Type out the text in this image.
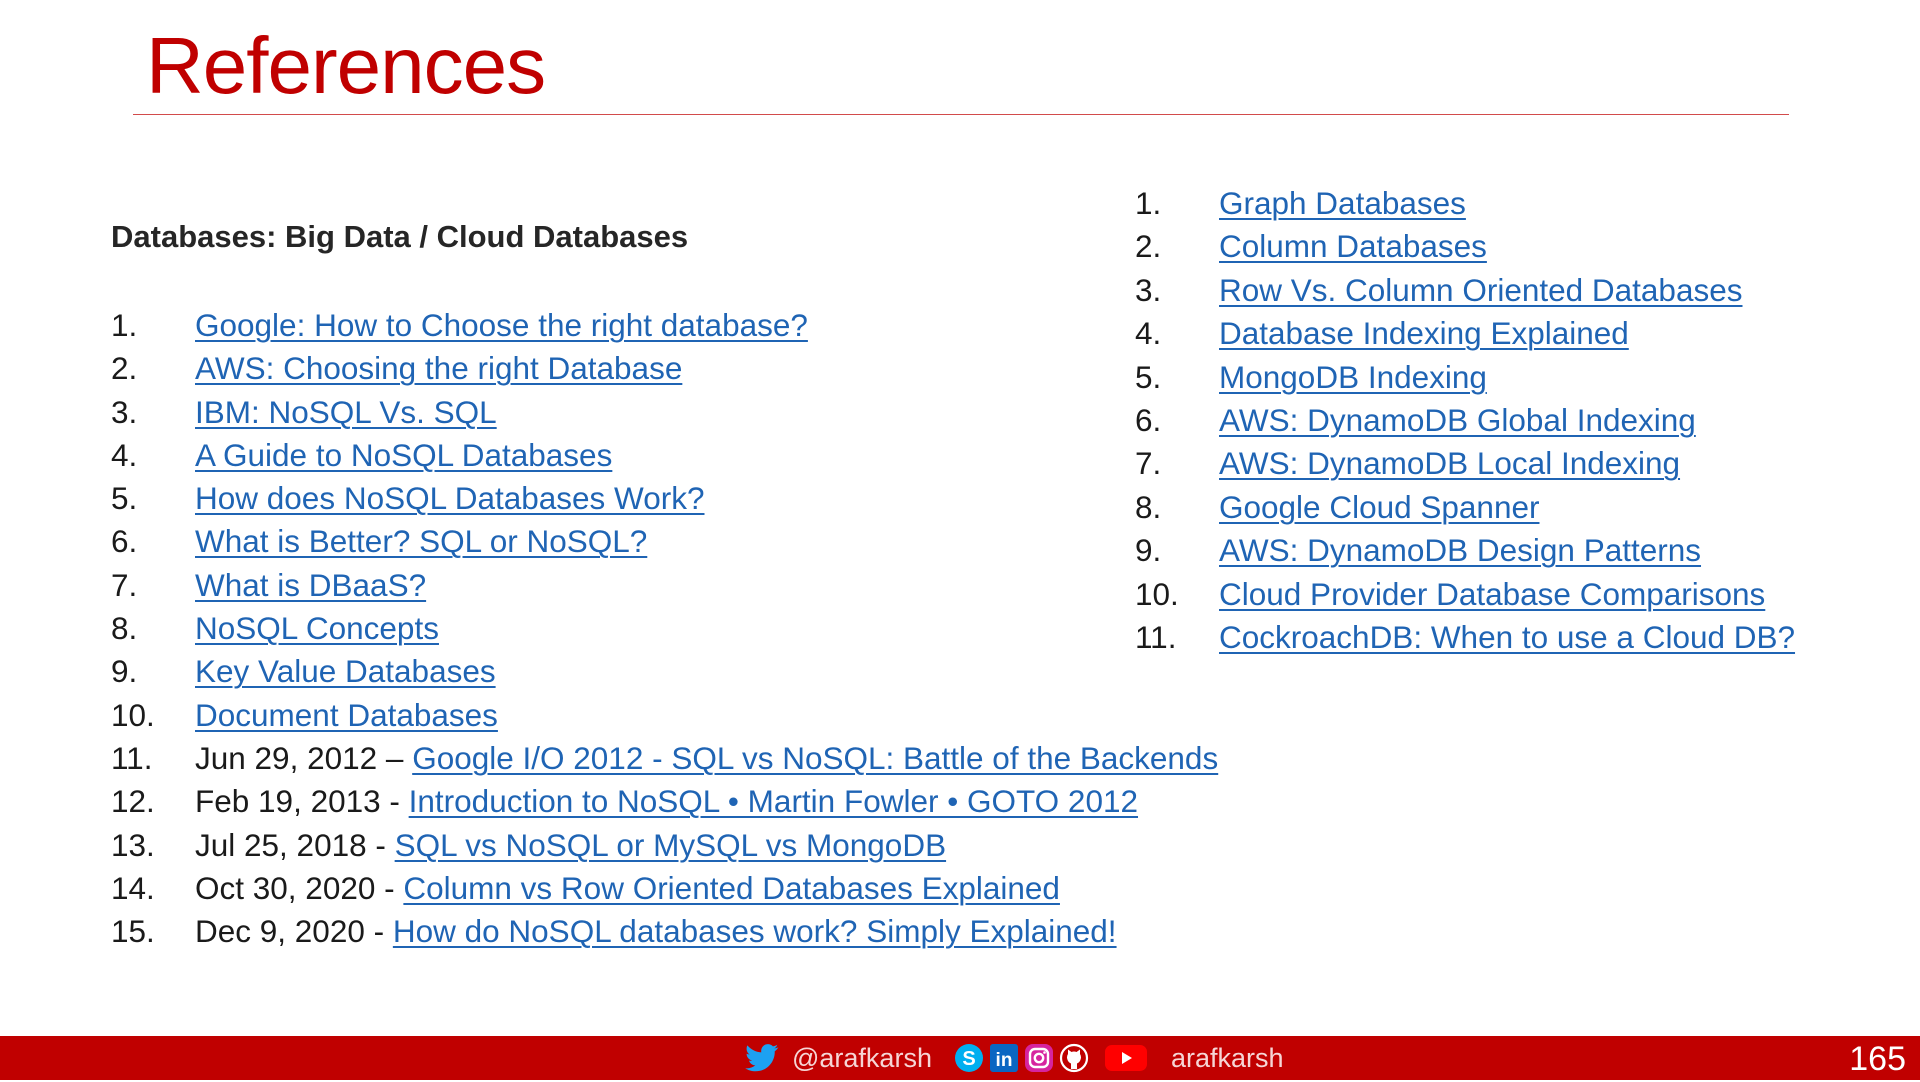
References
Databases: Big Data / Cloud Databases
1. Google: How to Choose the right database?
2. AWS: Choosing the right Database
3. IBM: NoSQL Vs. SQL
4. A Guide to NoSQL Databases
5. How does NoSQL Databases Work?
6. What is Better? SQL or NoSQL?
7. What is DBaaS?
8. NoSQL Concepts
9. Key Value Databases
10. Document Databases
11. Jun 29, 2012 – Google I/O 2012 - SQL vs NoSQL: Battle of the Backends
12. Feb 19, 2013 - Introduction to NoSQL • Martin Fowler • GOTO 2012
13. Jul 25, 2018 - SQL vs NoSQL or MySQL vs MongoDB
14. Oct 30, 2020 - Column vs Row Oriented Databases Explained
15. Dec 9, 2020 - How do NoSQL databases work? Simply Explained!
1. Graph Databases
2. Column Databases
3. Row Vs. Column Oriented Databases
4. Database Indexing Explained
5. MongoDB Indexing
6. AWS: DynamoDB Global Indexing
7. AWS: DynamoDB Local Indexing
8. Google Cloud Spanner
9. AWS: DynamoDB Design Patterns
10. Cloud Provider Database Comparisons
11. CockroachDB: When to use a Cloud DB?
@arafkarsh S in	arafkarsh	165
